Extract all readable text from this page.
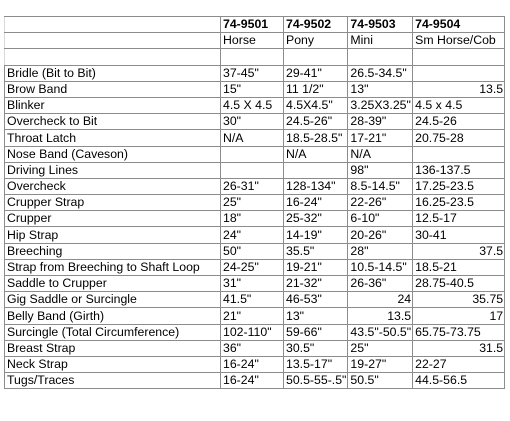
	74-9501	74-9502	74-9503	74-9504
	Horse	Pony	Mini	Sm Horse/Cob

Bridle (Bit to Bit)	37-45"	29-41"	26.5-34.5"	
Brow Band	15"	11 1/2"	13"	13.5
Blinker	4.5 X 4.5	4.5X4.5"	3.25X3.25"	4.5 x 4.5
Overcheck to Bit	30"	24.5-26"	28-39"	24.5-26
Throat Latch	N/A	18.5-28.5"	17-21"	20.75-28
Nose Band (Caveson)		N/A	N/A	
Driving Lines			98"	136-137.5
Overcheck	26-31"	128-134"	8.5-14.5"	17.25-23.5
Crupper Strap	25"	16-24"	22-26"	16.25-23.5
Crupper	18"	25-32"	6-10"	12.5-17
Hip Strap	24"	14-19"	20-26"	30-41
Breeching	50"	35.5"	28"	37.5
Strap from Breeching to Shaft Loop	24-25"	19-21"	10.5-14.5"	18.5-21
Saddle to Crupper	31"	21-32"	26-36"	28.75-40.5
Gig Saddle or Surcingle	41.5"	46-53"	24	35.75
Belly Band (Girth)	21"	13"	13.5	17
Surcingle (Total Circumference)	102-110"	59-66"	43.5"-50.5"	65.75-73.75
Breast Strap	36"	30.5"	25"	31.5
Neck Strap	16-24"	13.5-17"	19-27"	22-27
Tugs/Traces	16-24"	50.5-55-.5"	50.5"	44.5-56.5
